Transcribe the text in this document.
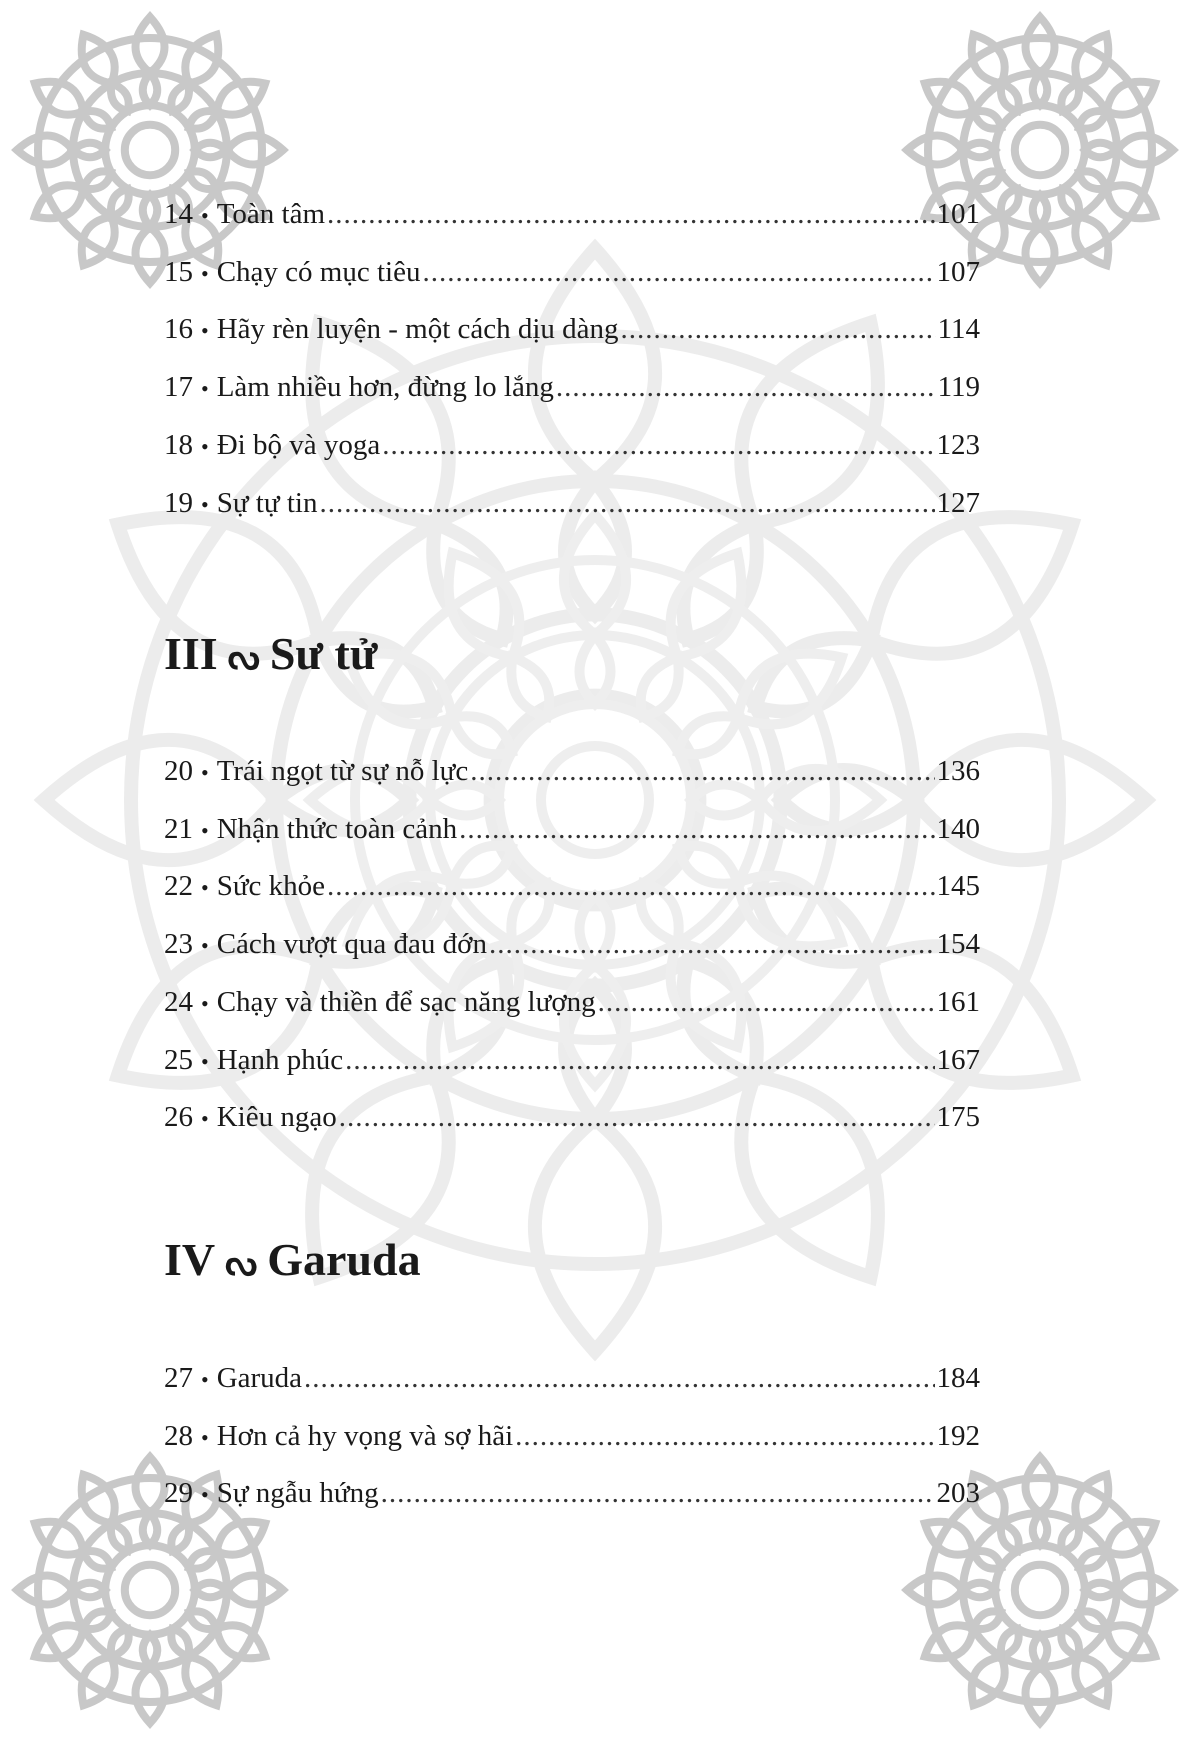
14 • Toàn tâm .....	101
15 • Chạy có mục tiêu .....	107
16 • Hãy rèn luyện - một cách dịu dàng .....	114
17 • Làm nhiều hơn, đừng lo lắng .....	119
18 • Đi bộ và yoga .....	123
19 • Sự tự tin .....	127
III ᔓ Sư tử
20 • Trái ngọt từ sự nỗ lực .....	136
21 • Nhận thức toàn cảnh .....	140
22 • Sức khỏe .....	145
23 • Cách vượt qua đau đớn .....	154
24 • Chạy và thiền để sạc năng lượng .....	161
25 • Hạnh phúc .....	167
26 • Kiêu ngạo .....	175
IV ᔓ Garuda
27 • Garuda .....	184
28 • Hơn cả hy vọng và sợ hãi .....	192
29 • Sự ngẫu hứng .....	203
